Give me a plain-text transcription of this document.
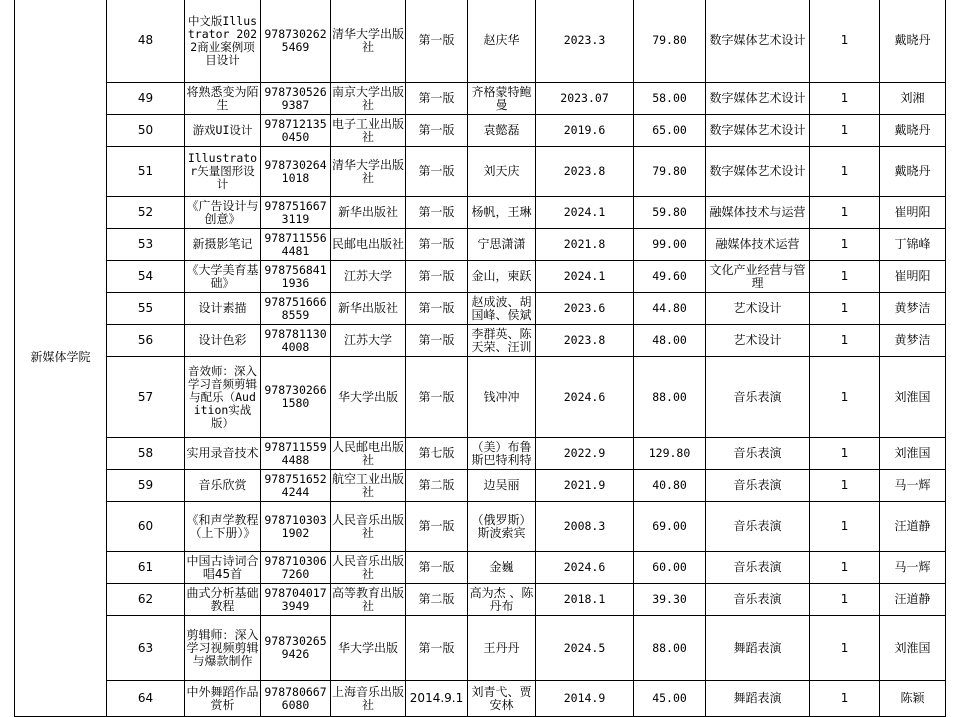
新媒体学院	48	中文版Illustrator 2022商业案例项目设计	9787302625469	清华大学出版社	第一版	赵庆华	2023.3	79.80	数字媒体艺术设计	1	戴晓丹
	49	将熟悉变为陌生	9787305269387	南京大学出版社	第一版	齐格蒙特鲍曼	2023.07	58.00	数字媒体艺术设计	1	刘湘
	50	游戏UI设计	9787121350450	电子工业出版社	第一版	袁懿磊	2019.6	65.00	数字媒体艺术设计	1	戴晓丹
	51	Illustrator矢量图形设计	9787302641018	清华大学出版社	第一版	刘天庆	2023.8	79.80	数字媒体艺术设计	1	戴晓丹
	52	《广告设计与创意》	9787516673119	新华出版社	第一版	杨帆，王琳	2024.1	59.80	融媒体技术与运营	1	崔明阳
	53	新摄影笔记	9787115564481	民邮电出版社	第一版	宁思潇潇	2021.8	99.00	融媒体技术运营	1	丁锦峰
	54	《大学美育基础》	9787568411936	江苏大学	第一版	金山，柬跃	2024.1	49.60	文化产业经营与管理	1	崔明阳
	55	设计素描	9787516668559	新华出版社	第一版	赵成波、胡国峰、侯斌	2023.6	44.80	艺术设计	1	黄梦洁
	56	设计色彩	9787811304008	江苏大学	第一版	李群英、陈天荣、汪训	2023.8	48.00	艺术设计	1	黄梦洁
	57	音效师：深入学习音频剪辑与配乐（Audition实战版）	9787302661580	华大学出版	第一版	钱冲冲	2024.6	88.00	音乐表演	1	刘淮国
	58	实用录音技术	9787115594488	人民邮电出版社	第七版	（美）布鲁斯巴特利特	2022.9	129.80	音乐表演	1	刘淮国
	59	音乐欣赏	9787516524244	航空工业出版社	第二版	边吴丽	2021.9	40.80	音乐表演	1	马一辉
	60	《和声学教程（上下册）》	9787103031902	人民音乐出版社	第一版	（俄罗斯）斯波索宾	2008.3	69.00	音乐表演	1	汪道静
	61	中国古诗词合唱45首	9787103067260	人民音乐出版社	第一版	金巍	2024.6	60.00	音乐表演	1	马一辉
	62	曲式分析基础教程	9787040173949	高等教育出版社	第二版	高为杰 、陈丹布	2018.1	39.30	音乐表演	1	汪道静
	63	剪辑师：深入学习视频剪辑与爆款制作	9787302659426	华大学出版	第一版	王丹丹	2024.5	88.00	舞蹈表演	1	刘淮国
	64	中外舞蹈作品赏析	9787806676080	上海音乐出版社	2014.9.1	刘青弋、贾安林	2014.9	45.00	舞蹈表演	1	陈颖
